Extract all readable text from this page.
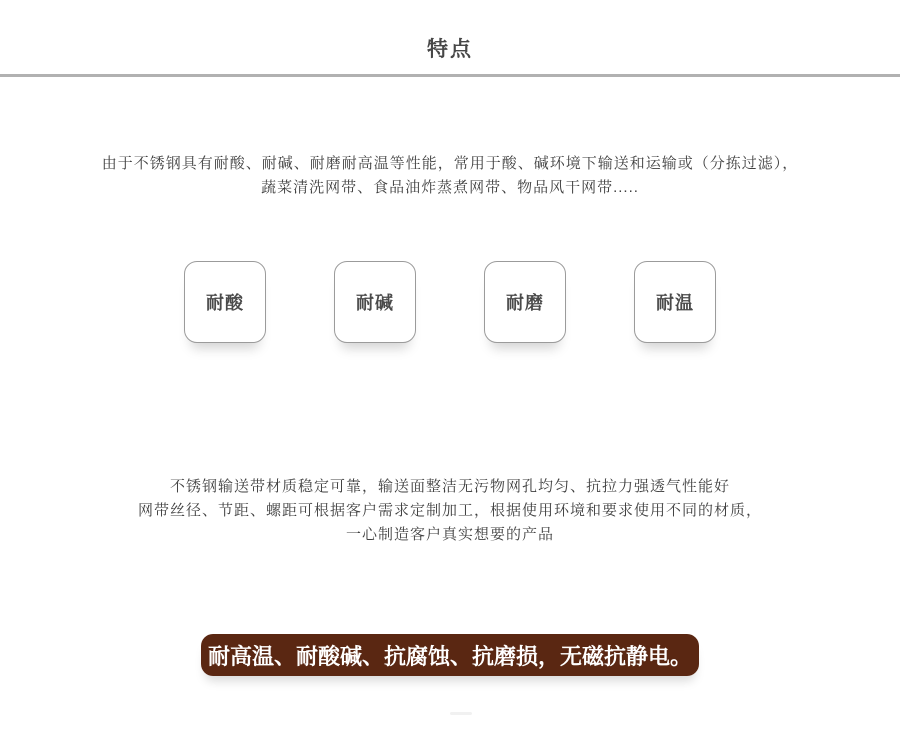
特点

由于不锈钢具有耐酸、耐碱、耐磨耐高温等性能，常用于酸、碱环境下输送和运输或（分拣过滤），
蔬菜清洗网带、食品油炸蒸煮网带、物品风干网带.....

耐酸	耐碱	耐磨	耐温

不锈钢输送带材质稳定可靠，输送面整洁无污物网孔均匀、抗拉力强透气性能好
网带丝径、节距、螺距可根据客户需求定制加工，根据使用环境和要求使用不同的材质，
一心制造客户真实想要的产品

耐高温、耐酸碱、抗腐蚀、抗磨损，无磁抗静电。
